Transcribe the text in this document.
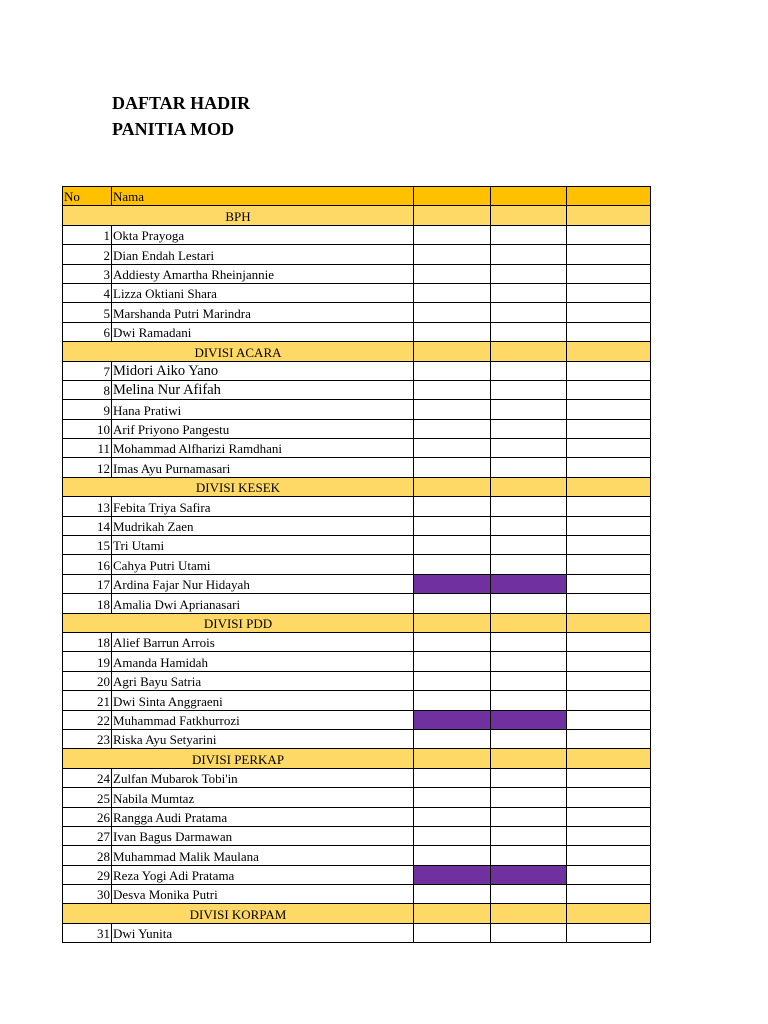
DAFTAR HADIR
PANITIA MOD
No	Nama			
BPH				
1	Okta Prayoga			
2	Dian Endah Lestari			
3	Addiesty Amartha Rheinjannie			
4	Lizza Oktiani Shara			
5	Marshanda Putri Marindra			
6	Dwi Ramadani			
DIVISI ACARA				
7	Midori Aiko Yano			
8	Melina Nur Afifah			
9	Hana Pratiwi			
10	Arif Priyono Pangestu			
11	Mohammad Alfharizi Ramdhani			
12	Imas Ayu Purnamasari			
DIVISI KESEK				
13	Febita Triya Safira			
14	Mudrikah Zaen			
15	Tri Utami			
16	Cahya Putri Utami			
17	Ardina Fajar Nur Hidayah			
18	Amalia Dwi Aprianasari			
DIVISI PDD				
18	Alief Barrun Arrois			
19	Amanda Hamidah			
20	Agri Bayu Satria			
21	Dwi Sinta Anggraeni			
22	Muhammad Fatkhurrozi			
23	Riska Ayu Setyarini			
DIVISI PERKAP				
24	Zulfan Mubarok Tobi'in			
25	Nabila Mumtaz			
26	Rangga Audi Pratama			
27	Ivan Bagus Darmawan			
28	Muhammad Malik Maulana			
29	Reza Yogi Adi Pratama			
30	Desva Monika Putri			
DIVISI KORPAM				
31	Dwi Yunita			
